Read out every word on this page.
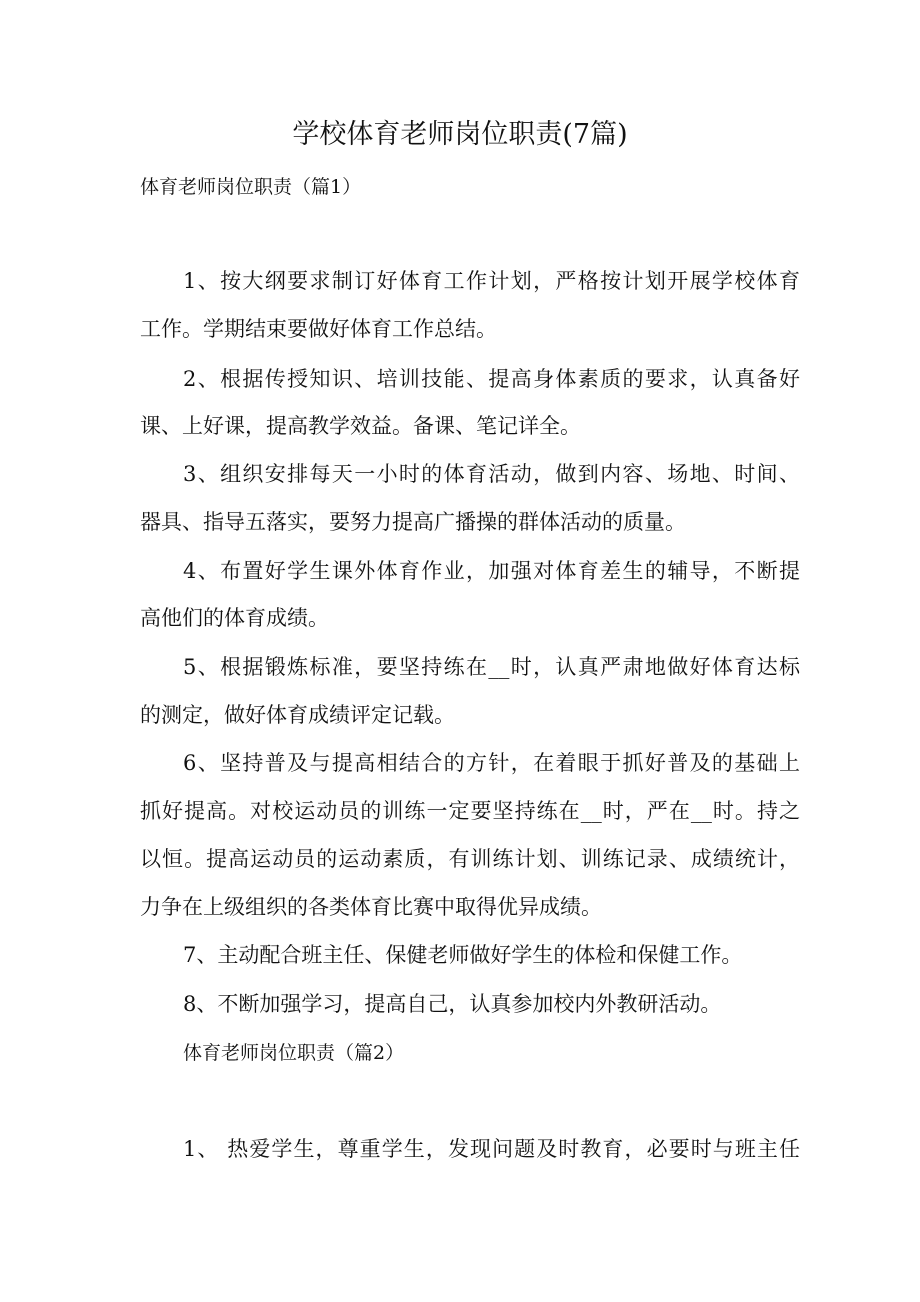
学校体育老师岗位职责(7篇)
体育老师岗位职责（篇1）
1、按大纲要求制订好体育工作计划，严格按计划开展学校体育
工作。学期结束要做好体育工作总结。
2、根据传授知识、培训技能、提高身体素质的要求，认真备好
课、上好课，提高教学效益。备课、笔记详全。
3、组织安排每天一小时的体育活动，做到内容、场地、时间、
器具、指导五落实，要努力提高广播操的群体活动的质量。
4、布置好学生课外体育作业，加强对体育差生的辅导，不断提
高他们的体育成绩。
5、根据锻炼标准，要坚持练在__时，认真严肃地做好体育达标
的测定，做好体育成绩评定记载。
6、坚持普及与提高相结合的方针，在着眼于抓好普及的基础上
抓好提高。对校运动员的训练一定要坚持练在__时，严在__时。持之
以恒。提高运动员的运动素质，有训练计划、训练记录、成绩统计，
力争在上级组织的各类体育比赛中取得优异成绩。
7、主动配合班主任、保健老师做好学生的体检和保健工作。
8、不断加强学习，提高自己，认真参加校内外教研活动。
体育老师岗位职责（篇2）
1、 热爱学生，尊重学生，发现问题及时教育，必要时与班主任
